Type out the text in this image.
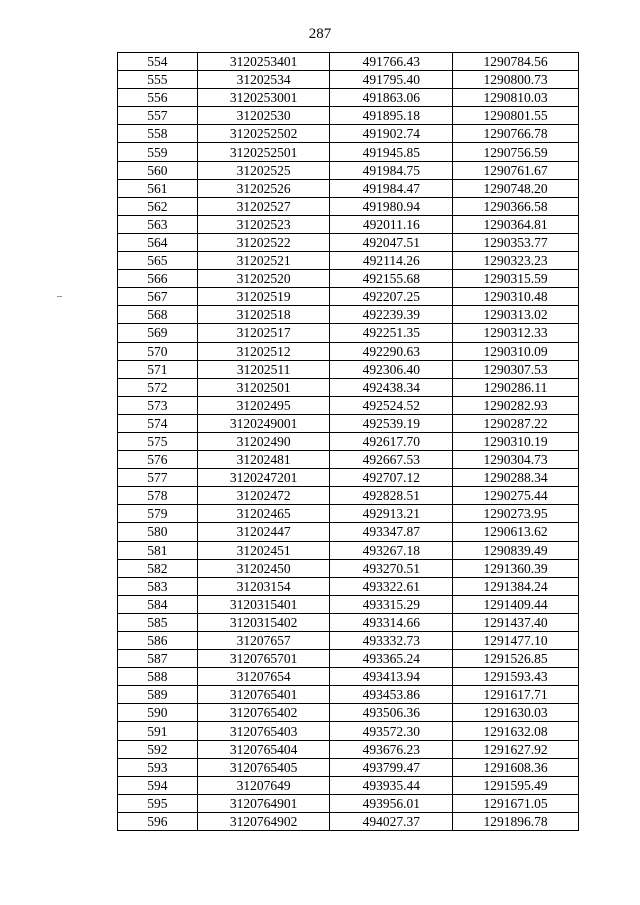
287
554	3120253401	491766.43	1290784.56
555	31202534	491795.40	1290800.73
556	3120253001	491863.06	1290810.03
557	31202530	491895.18	1290801.55
558	3120252502	491902.74	1290766.78
559	3120252501	491945.85	1290756.59
560	31202525	491984.75	1290761.67
561	31202526	491984.47	1290748.20
562	31202527	491980.94	1290366.58
563	31202523	492011.16	1290364.81
564	31202522	492047.51	1290353.77
565	31202521	492114.26	1290323.23
566	31202520	492155.68	1290315.59
567	31202519	492207.25	1290310.48
568	31202518	492239.39	1290313.02
569	31202517	492251.35	1290312.33
570	31202512	492290.63	1290310.09
571	31202511	492306.40	1290307.53
572	31202501	492438.34	1290286.11
573	31202495	492524.52	1290282.93
574	3120249001	492539.19	1290287.22
575	31202490	492617.70	1290310.19
576	31202481	492667.53	1290304.73
577	3120247201	492707.12	1290288.34
578	31202472	492828.51	1290275.44
579	31202465	492913.21	1290273.95
580	31202447	493347.87	1290613.62
581	31202451	493267.18	1290839.49
582	31202450	493270.51	1291360.39
583	31203154	493322.61	1291384.24
584	3120315401	493315.29	1291409.44
585	3120315402	493314.66	1291437.40
586	31207657	493332.73	1291477.10
587	3120765701	493365.24	1291526.85
588	31207654	493413.94	1291593.43
589	3120765401	493453.86	1291617.71
590	3120765402	493506.36	1291630.03
591	3120765403	493572.30	1291632.08
592	3120765404	493676.23	1291627.92
593	3120765405	493799.47	1291608.36
594	31207649	493935.44	1291595.49
595	3120764901	493956.01	1291671.05
596	3120764902	494027.37	1291896.78
